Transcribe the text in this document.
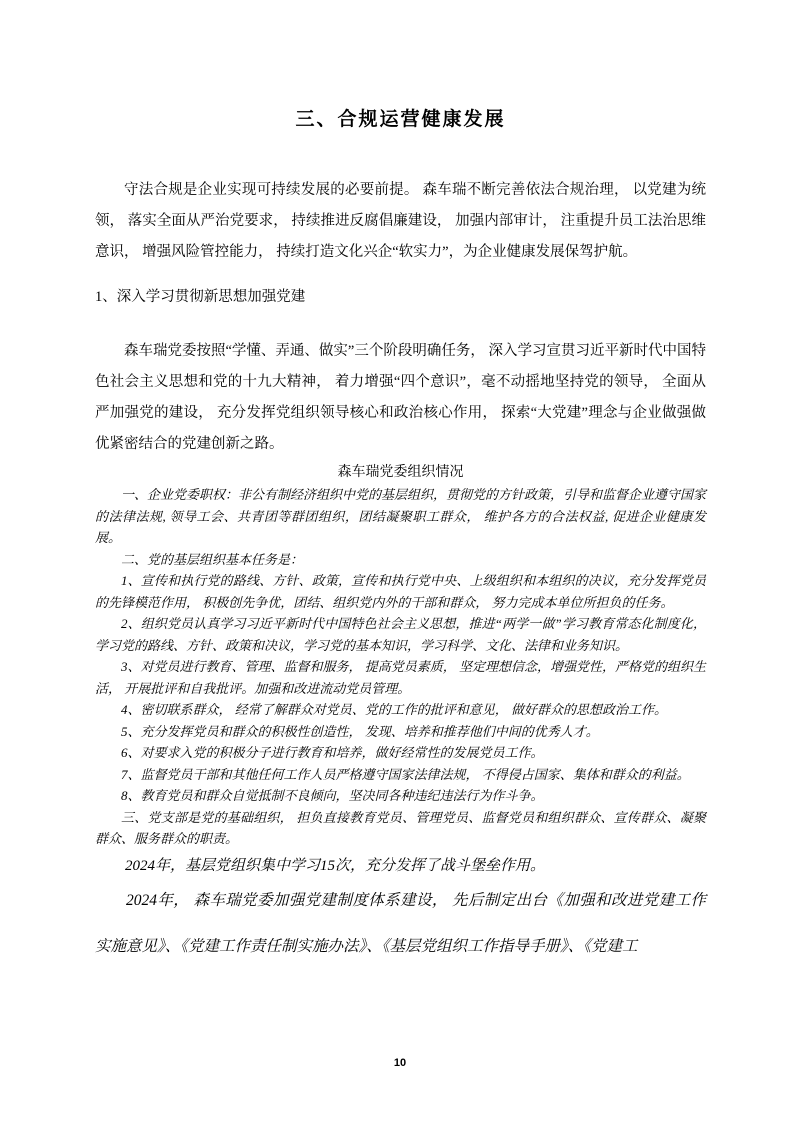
三、合规运营健康发展

守法合规是企业实现可持续发展的必要前提。 森车瑞不断完善依法合规治理， 以党建为统领， 落实全面从严治党要求， 持续推进反腐倡廉建设， 加强内部审计， 注重提升员工法治思维意识， 增强风险管控能力， 持续打造文化兴企“软实力”，为企业健康发展保驾护航。

1、深入学习贯彻新思想加强党建

森车瑞党委按照“学懂、弄通、做实”三个阶段明确任务， 深入学习宣贯习近平新时代中国特色社会主义思想和党的十九大精神， 着力增强“四个意识”，毫不动摇地坚持党的领导， 全面从严加强党的建设， 充分发挥党组织领导核心和政治核心作用， 探索“大党建”理念与企业做强做优紧密结合的党建创新之路。

森车瑞党委组织情况

一、企业党委职权：非公有制经济组织中党的基层组织，贯彻党的方针政策，引导和监督企业遵守国家的法律法规, 领导工会、共青团等群团组织，团结凝聚职工群众， 维护各方的合法权益, 促进企业健康发展。

二、党的基层组织基本任务是：

1、宣传和执行党的路线、方针、政策，宣传和执行党中央、上级组织和本组织的决议，充分发挥党员的先锋模范作用， 积极创先争优，团结、组织党内外的干部和群众， 努力完成本单位所担负的任务。

2、组织党员认真学习习近平新时代中国特色社会主义思想，推进“两学一做”学习教育常态化制度化，学习党的路线、方针、政策和决议，学习党的基本知识，学习科学、文化、法律和业务知识。

3、对党员进行教育、管理、监督和服务， 提高党员素质， 坚定理想信念，增强党性，严格党的组织生活， 开展批评和自我批评。加强和改进流动党员管理。

4、密切联系群众， 经常了解群众对党员、党的工作的批评和意见， 做好群众的思想政治工作。

5、充分发挥党员和群众的积极性创造性， 发现、培养和推荐他们中间的优秀人才。

6、对要求入党的积极分子进行教育和培养，做好经常性的发展党员工作。

7、监督党员干部和其他任何工作人员严格遵守国家法律法规， 不得侵占国家、集体和群众的利益。

8、教育党员和群众自觉抵制不良倾向，坚决同各种违纪违法行为作斗争。

三、党支部是党的基础组织， 担负直接教育党员、管理党员、监督党员和组织群众、宣传群众、凝聚群众、服务群众的职责。

2024年，基层党组织集中学习15次，充分发挥了战斗堡垒作用。

2024年， 森车瑞党委加强党建制度体系建设， 先后制定出台《加强和改进党建工作实施意见》、《党建工作责任制实施办法》、《基层党组织工作指导手册》、《党建工

10
